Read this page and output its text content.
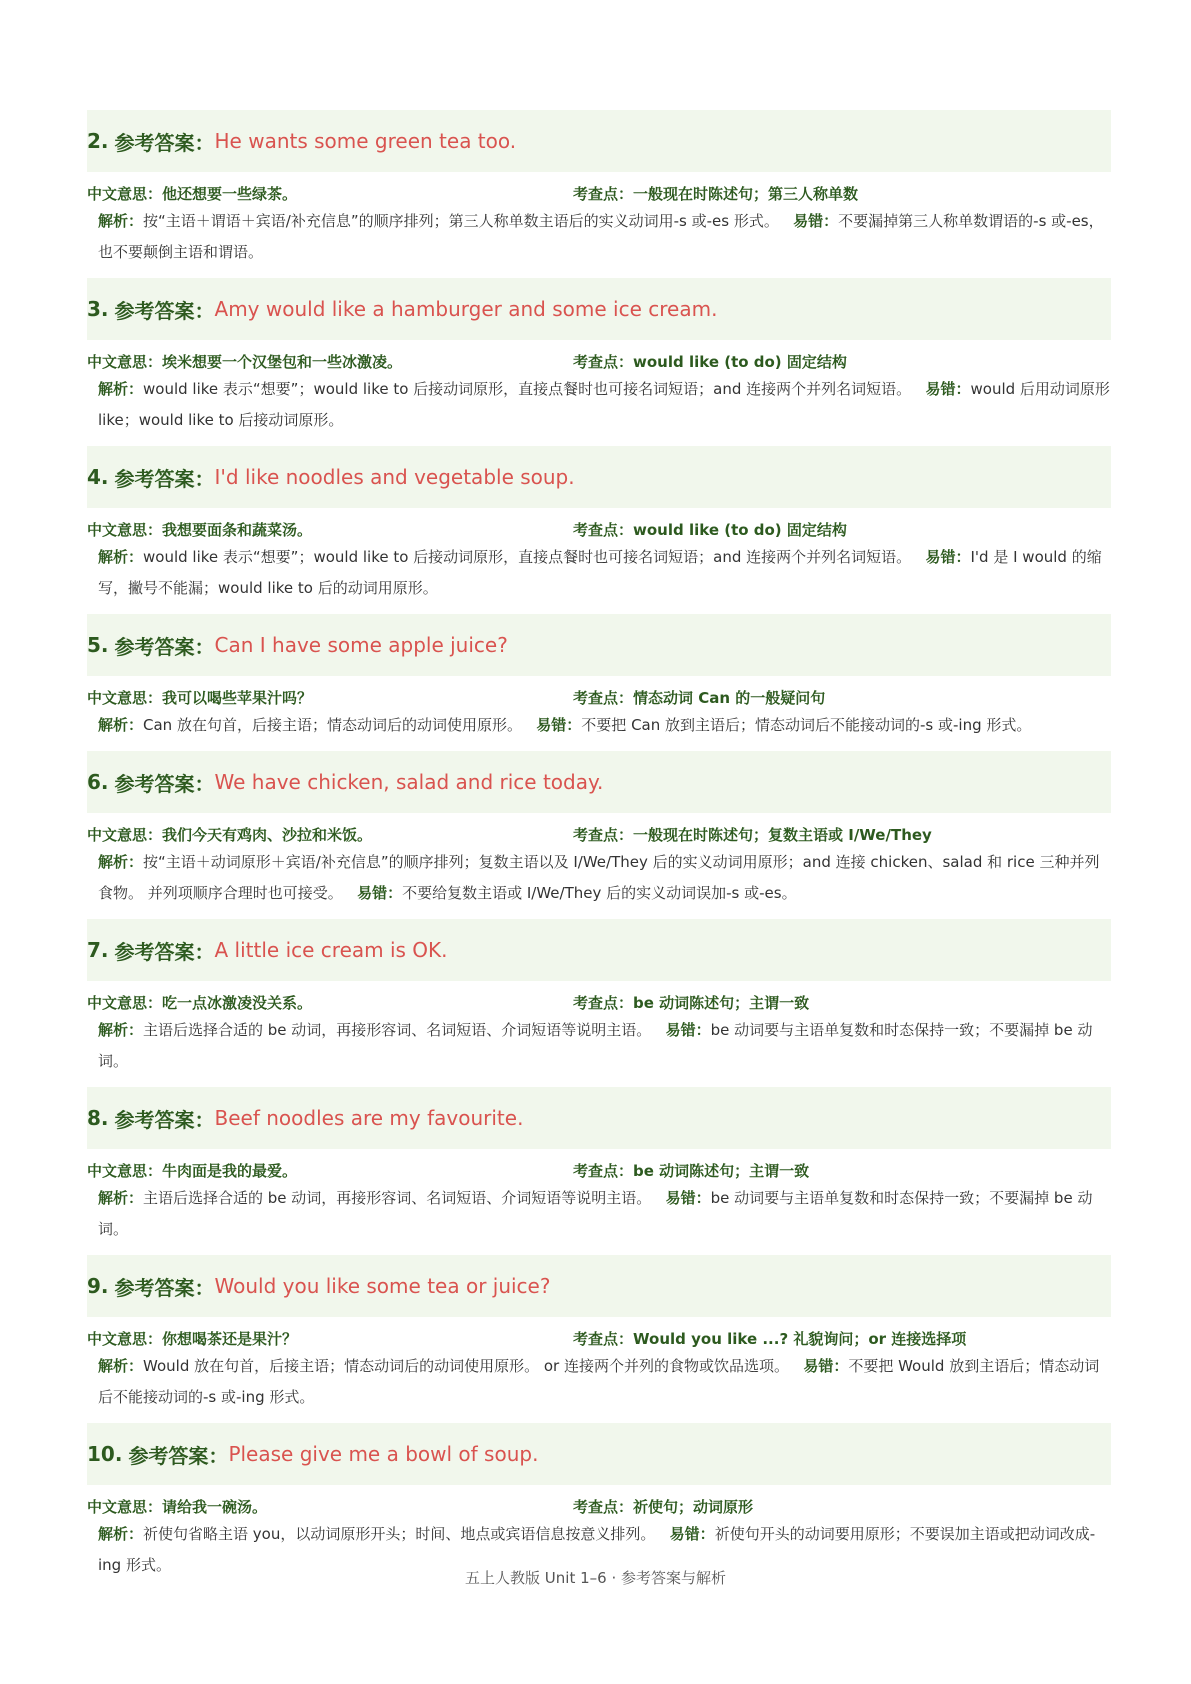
2. 参考答案： He wants some green tea too.
中文意思：他还想要一些绿茶。	考查点：一般现在时陈述句；第三人称单数
解析：按“主语＋谓语＋宾语/补充信息”的顺序排列；第三人称单数主语后的实义动词用-s 或-es 形式。 易错：不要漏掉第三人称单数谓语的-s 或-es，也不要颠倒主语和谓语。
3. 参考答案： Amy would like a hamburger and some ice cream.
中文意思：埃米想要一个汉堡包和一些冰激凌。	考查点：would like (to do) 固定结构
解析：would like 表示“想要”；would like to 后接动词原形，直接点餐时也可接名词短语；and 连接两个并列名词短语。 易错：would 后用动词原形 like；would like to 后接动词原形。
4. 参考答案： I'd like noodles and vegetable soup.
中文意思：我想要面条和蔬菜汤。	考查点：would like (to do) 固定结构
解析：would like 表示“想要”；would like to 后接动词原形，直接点餐时也可接名词短语；and 连接两个并列名词短语。 易错：I'd 是 I would 的缩写，撇号不能漏；would like to 后的动词用原形。
5. 参考答案： Can I have some apple juice?
中文意思：我可以喝些苹果汁吗？	考查点：情态动词 Can 的一般疑问句
解析：Can 放在句首，后接主语；情态动词后的动词使用原形。 易错：不要把 Can 放到主语后；情态动词后不能接动词的-s 或-ing 形式。
6. 参考答案： We have chicken, salad and rice today.
中文意思：我们今天有鸡肉、沙拉和米饭。	考查点：一般现在时陈述句；复数主语或 I/We/They
解析：按“主语＋动词原形＋宾语/补充信息”的顺序排列；复数主语以及 I/We/They 后的实义动词用原形；and 连接 chicken、salad 和 rice 三种并列食物。 并列项顺序合理时也可接受。 易错：不要给复数主语或 I/We/They 后的实义动词误加-s 或-es。
7. 参考答案： A little ice cream is OK.
中文意思：吃一点冰激凌没关系。	考查点：be 动词陈述句；主谓一致
解析：主语后选择合适的 be 动词，再接形容词、名词短语、介词短语等说明主语。 易错：be 动词要与主语单复数和时态保持一致；不要漏掉 be 动词。
8. 参考答案： Beef noodles are my favourite.
中文意思：牛肉面是我的最爱。	考查点：be 动词陈述句；主谓一致
解析：主语后选择合适的 be 动词，再接形容词、名词短语、介词短语等说明主语。 易错：be 动词要与主语单复数和时态保持一致；不要漏掉 be 动词。
9. 参考答案： Would you like some tea or juice?
中文意思：你想喝茶还是果汁？	考查点：Would you like ...? 礼貌询问；or 连接选择项
解析：Would 放在句首，后接主语；情态动词后的动词使用原形。 or 连接两个并列的食物或饮品选项。 易错：不要把 Would 放到主语后；情态动词后不能接动词的-s 或-ing 形式。
10. 参考答案： Please give me a bowl of soup.
中文意思：请给我一碗汤。	考查点：祈使句；动词原形
解析：祈使句省略主语 you，以动词原形开头；时间、地点或宾语信息按意义排列。 易错：祈使句开头的动词要用原形；不要误加主语或把动词改成-ing 形式。
五上人教版 Unit 1–6 · 参考答案与解析
